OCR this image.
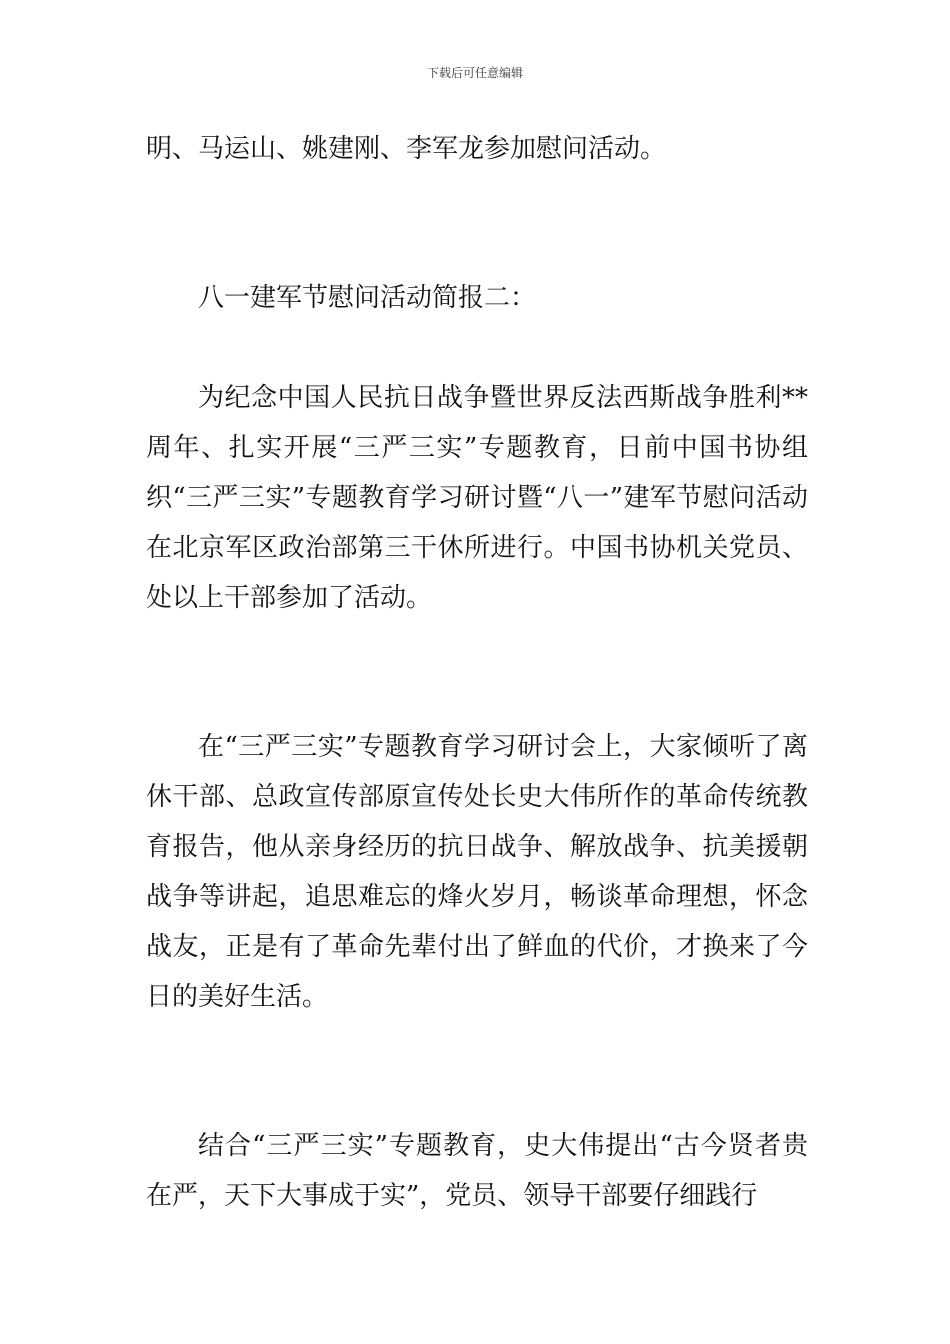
下载后可任意编辑

明、马运山、姚建刚、李军龙参加慰问活动。

八一建军节慰问活动简报二：

为纪念中国人民抗日战争暨世界反法西斯战争胜利**周年、扎实开展“三严三实”专题教育，日前中国书协组织“三严三实”专题教育学习研讨暨“八一”建军节慰问活动在北京军区政治部第三干休所进行。中国书协机关党员、处以上干部参加了活动。

在“三严三实”专题教育学习研讨会上，大家倾听了离休干部、总政宣传部原宣传处长史大伟所作的革命传统教育报告，他从亲身经历的抗日战争、解放战争、抗美援朝战争等讲起，追思难忘的烽火岁月，畅谈革命理想，怀念战友，正是有了革命先辈付出了鲜血的代价，才换来了今日的美好生活。

结合“三严三实”专题教育，史大伟提出“古今贤者贵在严，天下大事成于实”，党员、领导干部要仔细践行
